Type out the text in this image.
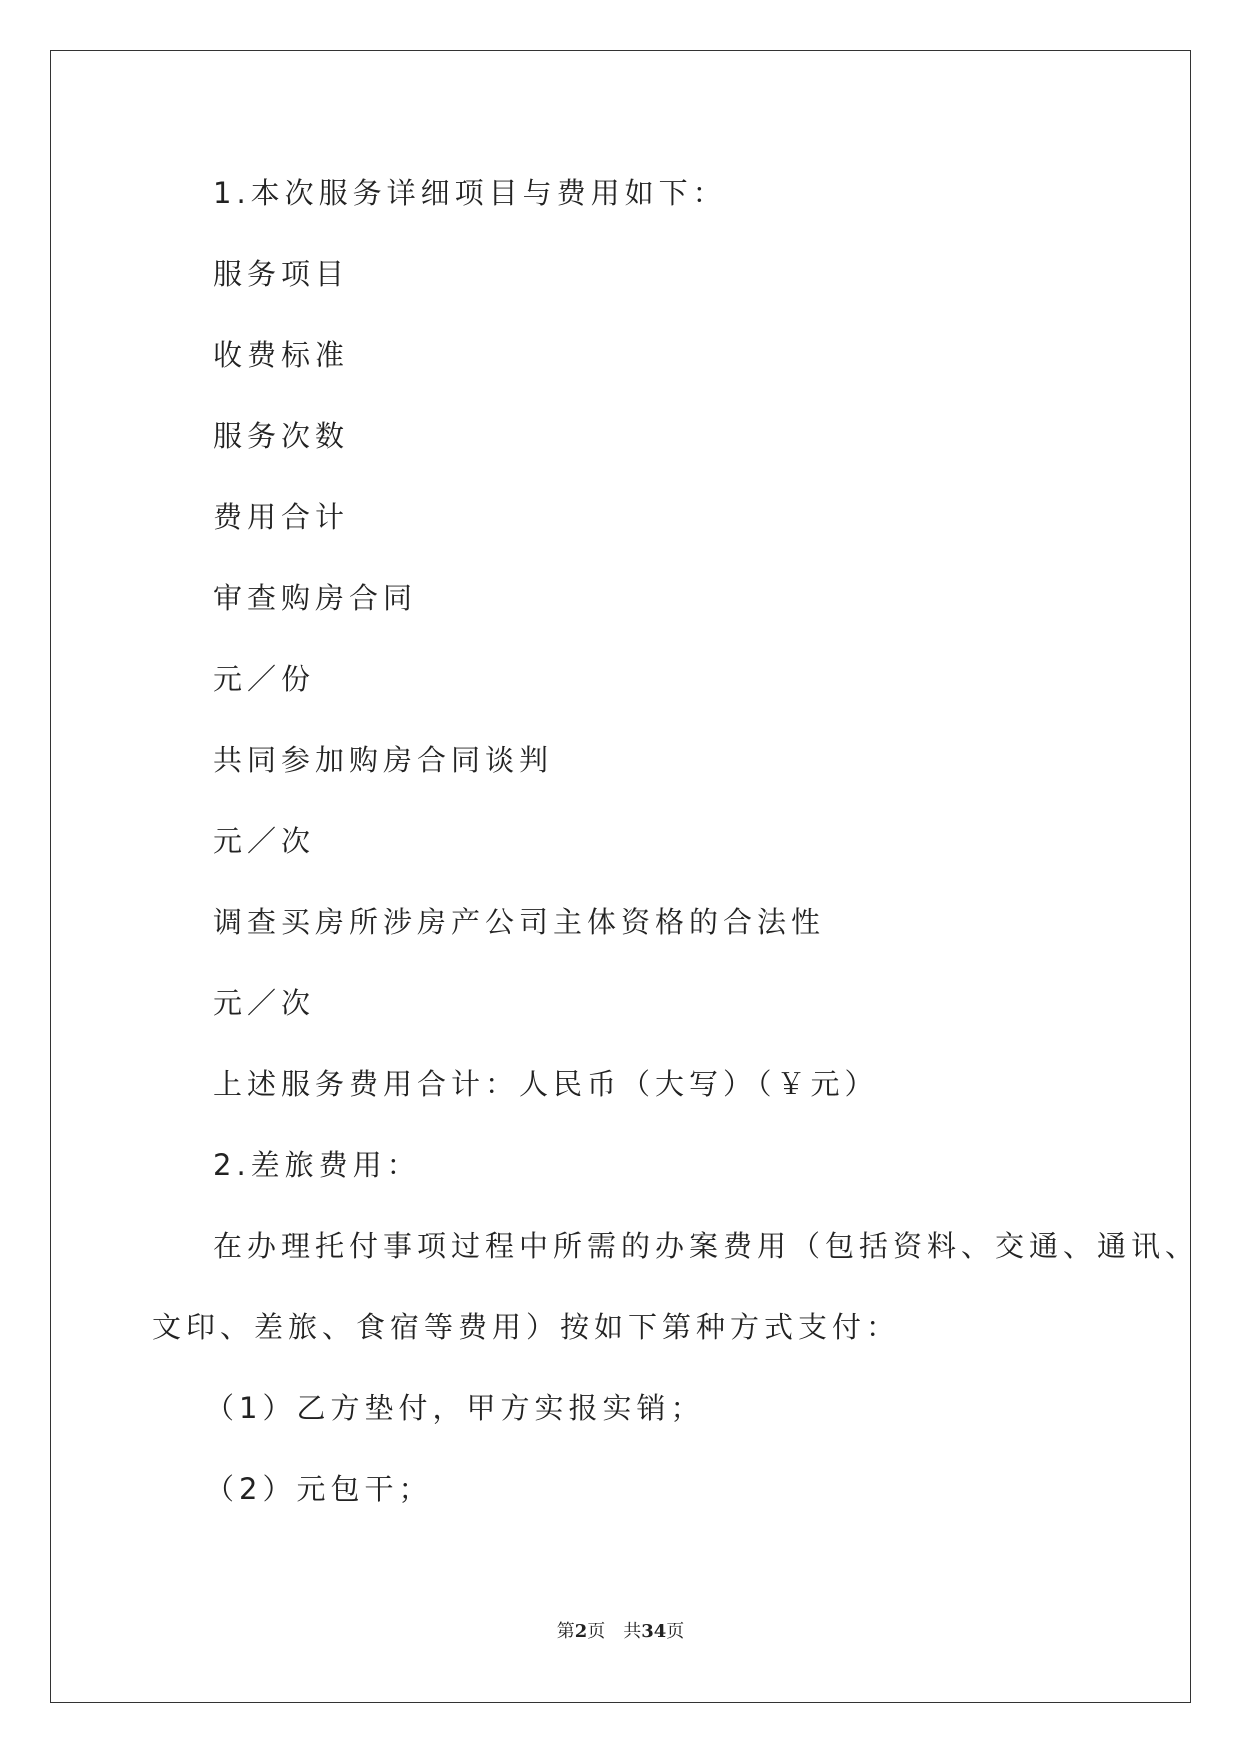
1.本次服务详细项目与费用如下：
服务项目
收费标准
服务次数
费用合计
审查购房合同
元／份
共同参加购房合同谈判
元／次
调查买房所涉房产公司主体资格的合法性
元／次
上述服务费用合计：人民币（大写）（￥元）
2.差旅费用：
在办理托付事项过程中所需的办案费用（包括资料、交通、通讯、
文印、差旅、食宿等费用）按如下第种方式支付：
（1）乙方垫付，甲方实报实销；
（2）元包干；
第2页 共34页
